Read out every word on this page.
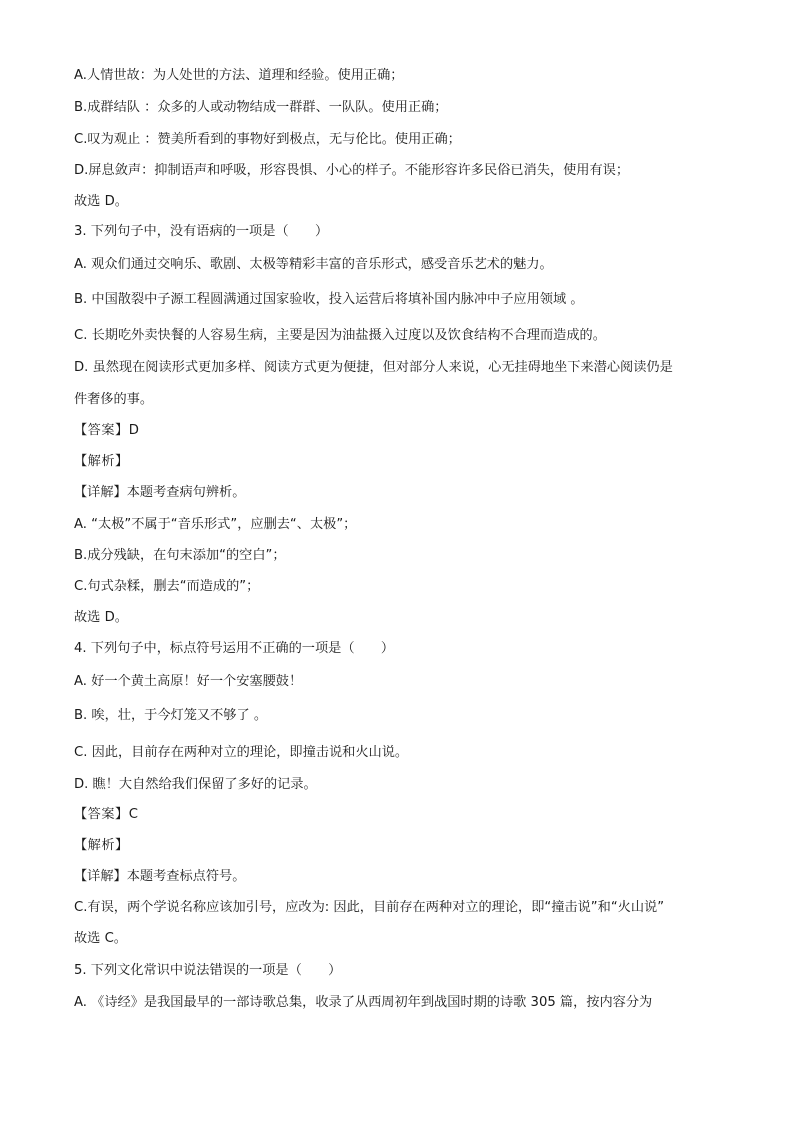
A.人情世故：为人处世的方法、道理和经验。使用正确；
B.成群结队 ：众多的人或动物结成一群群、一队队。使用正确；
C.叹为观止 ：赞美所看到的事物好到极点，无与伦比。使用正确；
D.屏息敛声：抑制语声和呼吸，形容畏惧、小心的样子。不能形容许多民俗已消失，使用有误；
故选 D。
3. 下列句子中，没有语病的一项是（　　）
A. 观众们通过交响乐、歌剧、太极等精彩丰富的音乐形式，感受音乐艺术的魅力。
B. 中国散裂中子源工程圆满通过国家验收，投入运营后将填补国内脉冲中子应用领域 。
C. 长期吃外卖快餐的人容易生病，主要是因为油盐摄入过度以及饮食结构不合理而造成的。
D. 虽然现在阅读形式更加多样、阅读方式更为便捷，但对部分人来说，心无挂碍地坐下来潜心阅读仍是
件奢侈的事。
【答案】D
【解析】
【详解】本题考查病句辨析。
A. “太极”不属于“音乐形式”，应删去“、太极”；
B.成分残缺，在句末添加“的空白”；
C.句式杂糅，删去“而造成的”；
故选 D。
4. 下列句子中，标点符号运用不正确的一项是（　　）
A. 好一个黄土高原！好一个安塞腰鼓！
B. 唉，壮，于今灯笼又不够了 。
C. 因此，目前存在两种对立的理论，即撞击说和火山说。
D. 瞧！大自然给我们保留了多好的记录。
【答案】C
【解析】
【详解】本题考查标点符号。
C.有误，两个学说名称应该加引号，应改为: 因此，目前存在两种对立的理论，即“撞击说”和“火山说”
故选 C。
5. 下列文化常识中说法错误的一项是（　　）
A. 《诗经》是我国最早的一部诗歌总集，收录了从西周初年到战国时期的诗歌 305 篇，按内容分为
